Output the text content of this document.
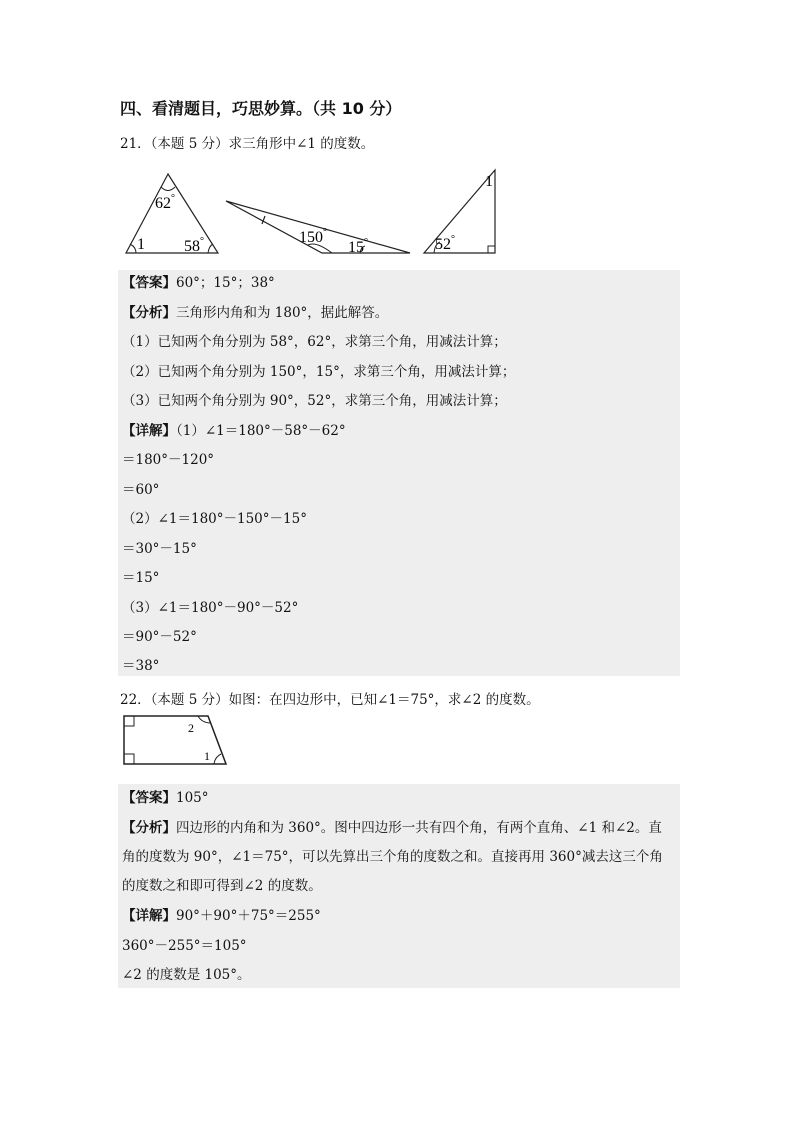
四、看清题目，巧思妙算。（共 10 分）
21．（本题 5 分）求三角形中∠1 的度数。
62°
1 58°	150°
15°
1
52°
【答案】60°；15°；38°
【分析】三角形内角和为 180°，据此解答。
（1）已知两个角分别为 58°，62°，求第三个角，用减法计算；
（2）已知两个角分别为 150°，15°，求第三个角，用减法计算；
（3）已知两个角分别为 90°，52°，求第三个角，用减法计算；
【详解】（1）∠1＝180°－58°－62°
＝180°－120°
＝60°
（2）∠1＝180°－150°－15°
＝30°－15°
＝15°
（3）∠1＝180°－90°－52°
＝90°－52°
＝38°
22．（本题 5 分）如图：在四边形中，已知∠1＝75°，求∠2 的度数。
2
1
【答案】105°
【分析】四边形的内角和为 360°。图中四边形一共有四个角，有两个直角、∠1 和∠2。直
角的度数为 90°，∠1＝75°，可以先算出三个角的度数之和。直接再用 360°减去这三个角
的度数之和即可得到∠2 的度数。
【详解】90°＋90°＋75°＝255°
360°－255°＝105°
∠2 的度数是 105°。
